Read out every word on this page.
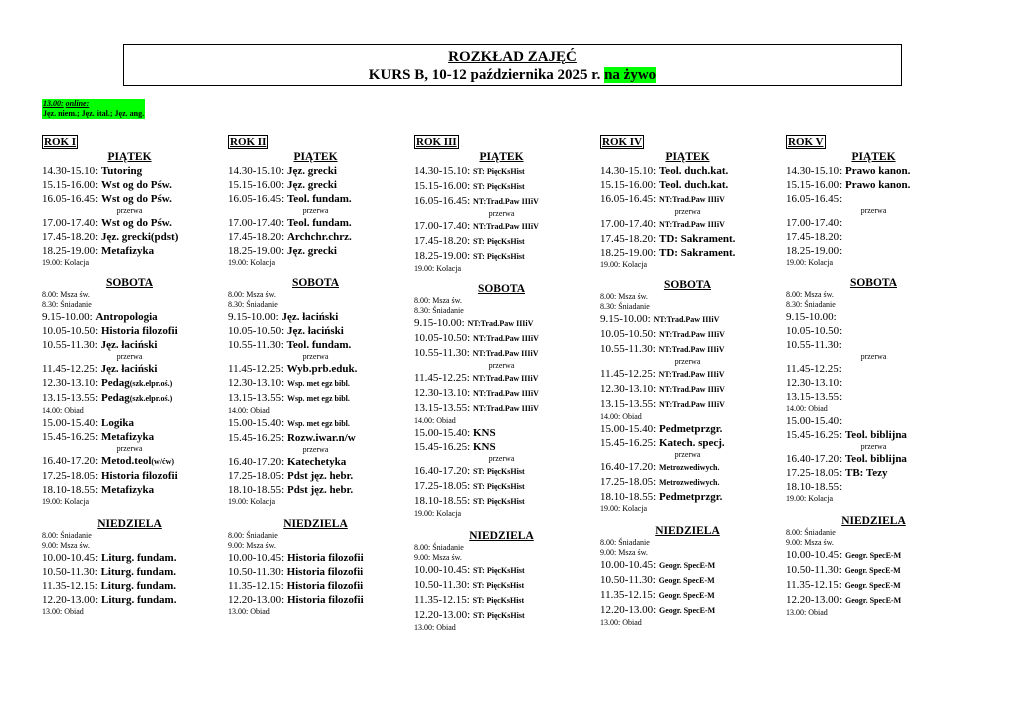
ROZKŁAD ZAJĘĆ
KURS B, 10-12 października 2025 r. na żywo
13.00: online:
Jęz. niem.; Jęz. ital.; Jęz. ang.
ROK I
PIĄTEK
14.30-15.10: Tutoring
15.15-16.00: Wst og do Pśw.
16.05-16.45: Wst og do Pśw.
przerwa
17.00-17.40: Wst og do Pśw.
17.45-18.20: Jęz. grecki(pdst)
18.25-19.00: Metafizyka
19.00: Kolacja
SOBOTA
8.00: Msza św.
8.30: Śniadanie
9.15-10.00: Antropologia
10.05-10.50: Historia filozofii
10.55-11.30: Jęz. łaciński
przerwa
11.45-12.25: Jęz. łaciński
12.30-13.10: Pedag(szk.elpr.oś.)
13.15-13.55: Pedag(szk.elpr.oś.)
14.00: Obiad
15.00-15.40: Logika
15.45-16.25: Metafizyka
przerwa
16.40-17.20: Metod.teol(w/ćw)
17.25-18.05: Historia filozofii
18.10-18.55: Metafizyka
19.00: Kolacja
NIEDZIELA
8.00: Śniadanie
9.00: Msza św.
10.00-10.45: Liturg. fundam.
10.50-11.30: Liturg. fundam.
11.35-12.15: Liturg. fundam.
12.20-13.00: Liturg. fundam.
13.00: Obiad
ROK II
PIĄTEK
14.30-15.10: Jęz. grecki
15.15-16.00: Jęz. grecki
16.05-16.45: Teol. fundam.
przerwa
17.00-17.40: Teol. fundam.
17.45-18.20: Archchr.chrz.
18.25-19.00: Jęz. grecki
19.00: Kolacja
SOBOTA
8.00: Msza św.
8.30: Śniadanie
9.15-10.00: Jęz. łaciński
10.05-10.50: Jęz. łaciński
10.55-11.30: Teol. fundam.
przerwa
11.45-12.25: Wyb.prb.eduk.
12.30-13.10: Wsp. met egz bibl.
13.15-13.55: Wsp. met egz bibl.
14.00: Obiad
15.00-15.40: Wsp. met egz bibl.
15.45-16.25: Rozw.iwar.n/w
przerwa
16.40-17.20: Katechetyka
17.25-18.05: Pdst jęz. hebr.
18.10-18.55: Pdst jęz. hebr.
19.00: Kolacja
NIEDZIELA
8.00: Śniadanie
9.00: Msza św.
10.00-10.45: Historia filozofii
10.50-11.30: Historia filozofii
11.35-12.15: Historia filozofii
12.20-13.00: Historia filozofii
13.00: Obiad
ROK III
PIĄTEK
14.30-15.10: ST: PięcKsHist
15.15-16.00: ST: PięcKsHist
16.05-16.45: NT:Trad.Paw IIIiV
przerwa
17.00-17.40: NT:Trad.Paw IIIiV
17.45-18.20: ST: PięcKsHist
18.25-19.00: ST: PięcKsHist
19.00: Kolacja
SOBOTA
8.00: Msza św.
8.30: Śniadanie
9.15-10.00: NT:Trad.Paw IIIiV
10.05-10.50: NT:Trad.Paw IIIiV
10.55-11.30: NT:Trad.Paw IIIiV
przerwa
11.45-12.25: NT:Trad.Paw IIIiV
12.30-13.10: NT:Trad.Paw IIIiV
13.15-13.55: NT:Trad.Paw IIIiV
14.00: Obiad
15.00-15.40: KNS
15.45-16.25: KNS
przerwa
16.40-17.20: ST: PięcKsHist
17.25-18.05: ST: PięcKsHist
18.10-18.55: ST: PięcKsHist
19.00: Kolacja
NIEDZIELA
8.00: Śniadanie
9.00: Msza św.
10.00-10.45: ST: PięcKsHist
10.50-11.30: ST: PięcKsHist
11.35-12.15: ST: PięcKsHist
12.20-13.00: ST: PięcKsHist
13.00: Obiad
ROK IV
PIĄTEK
14.30-15.10: Teol. duch.kat.
15.15-16.00: Teol. duch.kat.
16.05-16.45: NT:Trad.Paw IIIiV
przerwa
17.00-17.40: NT:Trad.Paw IIIiV
17.45-18.20: TD: Sakrament.
18.25-19.00: TD: Sakrament.
19.00: Kolacja
SOBOTA
8.00: Msza św.
8.30: Śniadanie
9.15-10.00: NT:Trad.Paw IIIiV
10.05-10.50: NT:Trad.Paw IIIiV
10.55-11.30: NT:Trad.Paw IIIiV
przerwa
11.45-12.25: NT:Trad.Paw IIIiV
12.30-13.10: NT:Trad.Paw IIIiV
13.15-13.55: NT:Trad.Paw IIIiV
14.00: Obiad
15.00-15.40: Pedmetprzgr.
15.45-16.25: Katech. specj.
przerwa
16.40-17.20: Metrozwediwych.
17.25-18.05: Metrozwediwych.
18.10-18.55: Pedmetprzgr.
19.00: Kolacja
NIEDZIELA
8.00: Śniadanie
9.00: Msza św.
10.00-10.45: Geogr. SpecE-M
10.50-11.30: Geogr. SpecE-M
11.35-12.15: Geogr. SpecE-M
12.20-13.00: Geogr. SpecE-M
13.00: Obiad
ROK V
PIĄTEK
14.30-15.10: Prawo kanon.
15.15-16.00: Prawo kanon.
16.05-16.45:
przerwa
17.00-17.40:
17.45-18.20:
18.25-19.00:
19.00: Kolacja
SOBOTA
8.00: Msza św.
8.30: Śniadanie
9.15-10.00:
10.05-10.50:
10.55-11.30:
przerwa
11.45-12.25:
12.30-13.10:
13.15-13.55:
14.00: Obiad
15.00-15.40:
15.45-16.25: Teol. biblijna
przerwa
16.40-17.20: Teol. biblijna
17.25-18.05: TB: Tezy
18.10-18.55:
19.00: Kolacja
NIEDZIELA
8.00: Śniadanie
9.00: Msza św.
10.00-10.45: Geogr. SpecE-M
10.50-11.30: Geogr. SpecE-M
11.35-12.15: Geogr. SpecE-M
12.20-13.00: Geogr. SpecE-M
13.00: Obiad
